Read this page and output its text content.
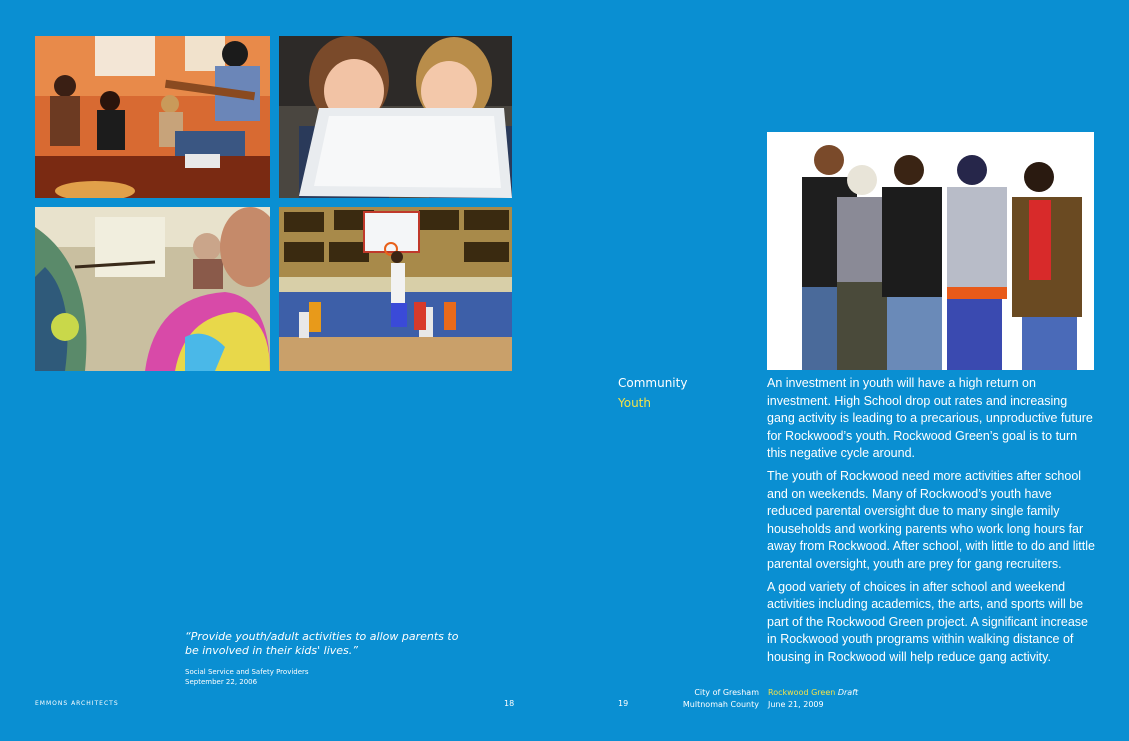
“Provide youth/adult activities to allow parents to be involved in their kids' lives.”
Social Service and Safety Providers
September 22, 2006
EMMONS ARCHITECTS	18	19
Community
Youth

An investment in youth will have a high return on investment. High School drop out rates and increasing gang activity is leading to a precarious, unproductive future for Rockwood’s youth. Rockwood Green’s goal is to turn this negative cycle around.

The youth of Rockwood need more activities after school and on weekends. Many of Rockwood’s youth have reduced parental oversight due to many single family households and working parents who work long hours far away from Rockwood. After school, with little to do and little parental oversight, youth are prey for gang recruiters.

A good variety of choices in after school and weekend activities including academics, the arts, and sports will be part of the Rockwood Green project. A significant increase in Rockwood youth programs within walking distance of housing in Rockwood will help reduce gang activity.

City of Gresham
Multnomah County
Rockwood Green Draft
June 21, 2009
